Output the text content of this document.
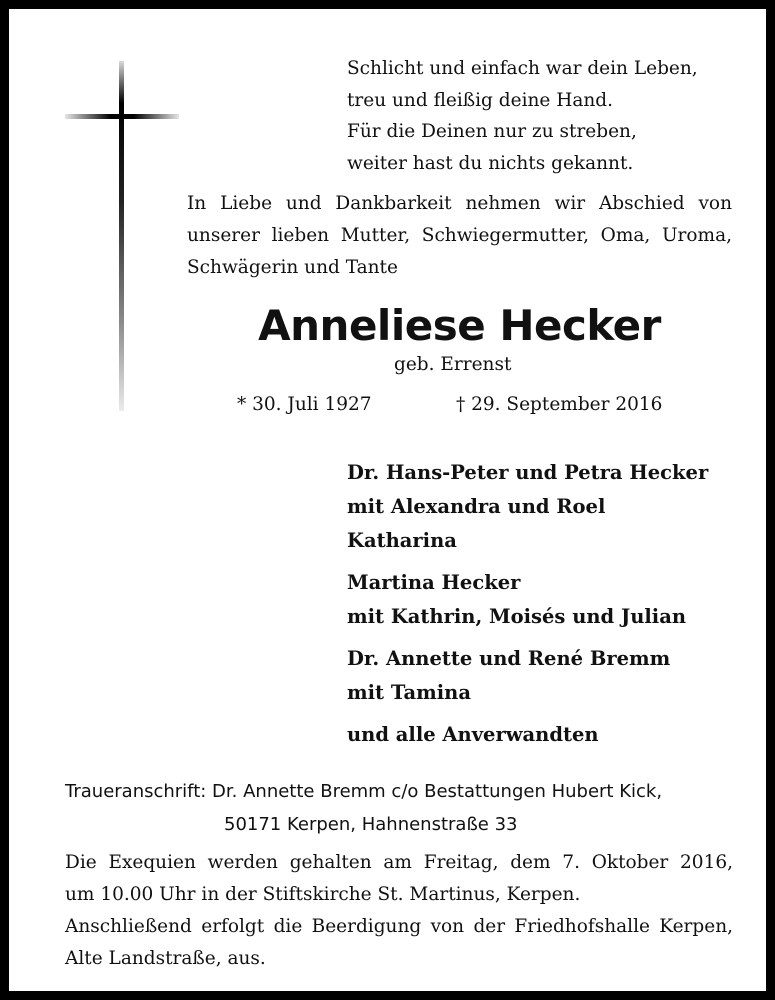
Schlicht und einfach war dein Leben,
treu und fleißig deine Hand.
Für die Deinen nur zu streben,
weiter hast du nichts gekannt.
In Liebe und Dankbarkeit nehmen wir Abschied von
unserer lieben Mutter, Schwiegermutter, Oma, Uroma,
Schwägerin und Tante
Anneliese Hecker
geb. Errenst
* 30. Juli 1927	† 29. September 2016
Dr. Hans-Peter und Petra Hecker
mit Alexandra und Roel
Katharina
Martina Hecker
mit Kathrin, Moisés und Julian
Dr. Annette und René Bremm
mit Tamina
und alle Anverwandten
Traueranschrift: Dr. Annette Bremm c/o Bestattungen Hubert Kick,
50171 Kerpen, Hahnenstraße 33
Die Exequien werden gehalten am Freitag, dem 7. Oktober 2016,
um 10.00 Uhr in der Stiftskirche St. Martinus, Kerpen.
Anschließend erfolgt die Beerdigung von der Friedhofshalle Kerpen,
Alte Landstraße, aus.
